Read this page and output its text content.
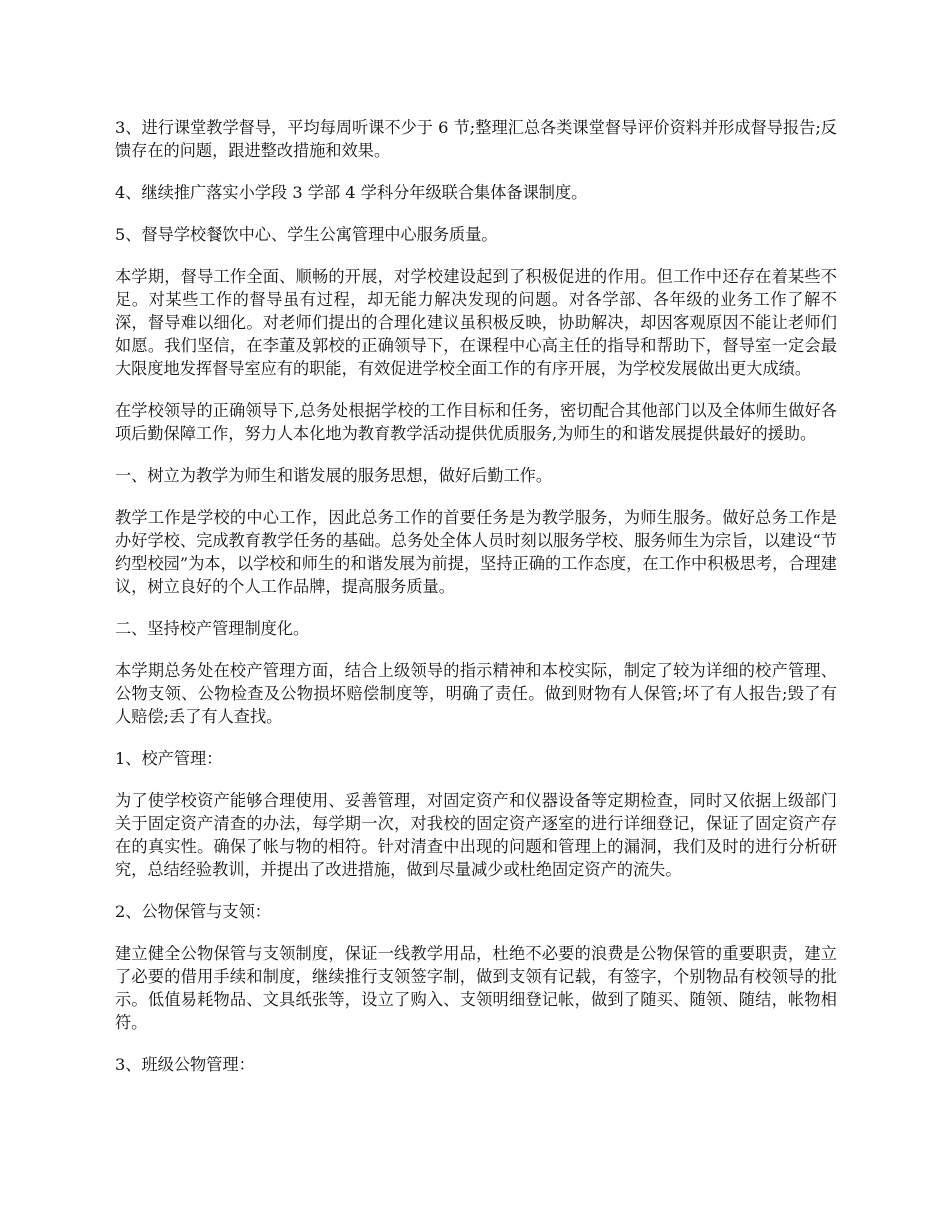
3、进行课堂教学督导，平均每周听课不少于 6 节;整理汇总各类课堂督导评价资料并形成督导报告;反馈存在的问题，跟进整改措施和效果。

4、继续推广落实小学段 3 学部 4 学科分年级联合集体备课制度。

5、督导学校餐饮中心、学生公寓管理中心服务质量。

本学期，督导工作全面、顺畅的开展，对学校建设起到了积极促进的作用。但工作中还存在着某些不足。对某些工作的督导虽有过程，却无能力解决发现的问题。对各学部、各年级的业务工作了解不深，督导难以细化。对老师们提出的合理化建议虽积极反映，协助解决，却因客观原因不能让老师们如愿。我们坚信，在李董及郭校的正确领导下，在课程中心高主任的指导和帮助下，督导室一定会最大限度地发挥督导室应有的职能，有效促进学校全面工作的有序开展，为学校发展做出更大成绩。

在学校领导的正确领导下,总务处根据学校的工作目标和任务，密切配合其他部门以及全体师生做好各项后勤保障工作，努力人本化地为教育教学活动提供优质服务,为师生的和谐发展提供最好的援助。

一、树立为教学为师生和谐发展的服务思想，做好后勤工作。

教学工作是学校的中心工作，因此总务工作的首要任务是为教学服务，为师生服务。做好总务工作是办好学校、完成教育教学任务的基础。总务处全体人员时刻以服务学校、服务师生为宗旨，以建设“节约型校园”为本，以学校和师生的和谐发展为前提，坚持正确的工作态度，在工作中积极思考，合理建议，树立良好的个人工作品牌，提高服务质量。

二、坚持校产管理制度化。

本学期总务处在校产管理方面，结合上级领导的指示精神和本校实际，制定了较为详细的校产管理、公物支领、公物检查及公物损坏赔偿制度等，明确了责任。做到财物有人保管;坏了有人报告;毁了有人赔偿;丢了有人查找。

1、校产管理：

为了使学校资产能够合理使用、妥善管理，对固定资产和仪器设备等定期检查，同时又依据上级部门关于固定资产清查的办法，每学期一次，对我校的固定资产逐室的进行详细登记，保证了固定资产存在的真实性。确保了帐与物的相符。针对清查中出现的问题和管理上的漏洞，我们及时的进行分析研究，总结经验教训，并提出了改进措施，做到尽量减少或杜绝固定资产的流失。

2、公物保管与支领：

建立健全公物保管与支领制度，保证一线教学用品，杜绝不必要的浪费是公物保管的重要职责，建立了必要的借用手续和制度，继续推行支领签字制，做到支领有记载，有签字，个别物品有校领导的批示。低值易耗物品、文具纸张等，设立了购入、支领明细登记帐，做到了随买、随领、随结，帐物相符。

3、班级公物管理：
